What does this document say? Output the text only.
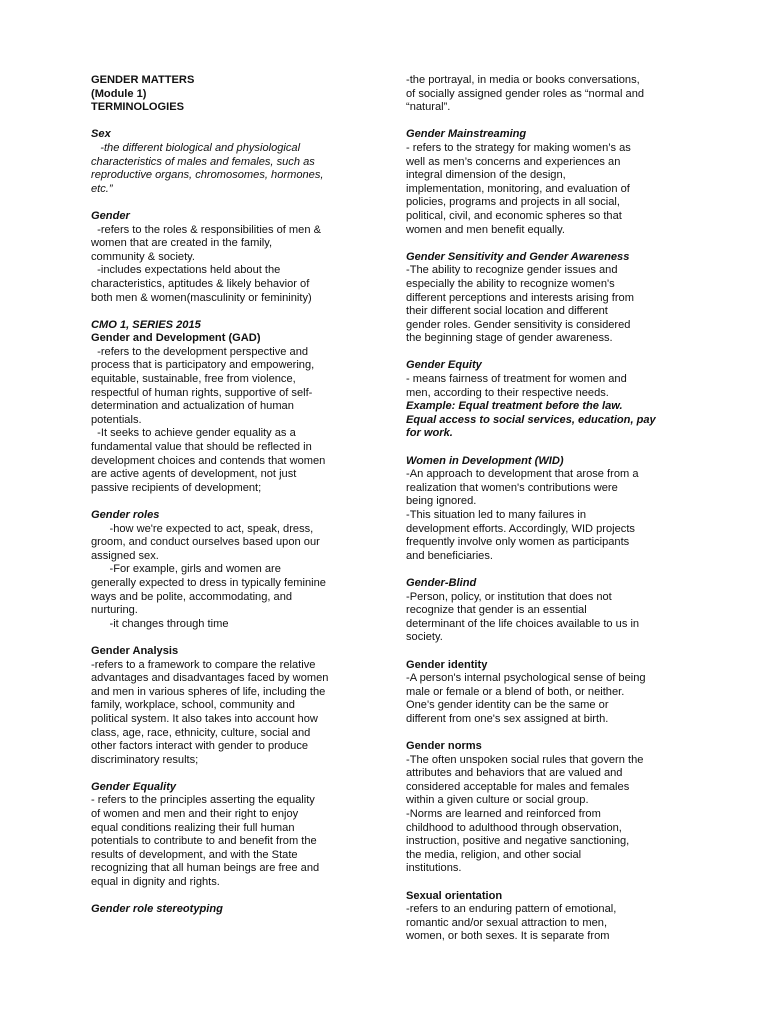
GENDER MATTERS
(Module 1)
TERMINOLOGIES
Sex
-the different biological and physiological
characteristics of males and females, such as
reproductive organs, chromosomes, hormones,
etc.”
Gender
-refers to the roles & responsibilities of men &
women that are created in the family,
community & society.
-includes expectations held about the
characteristics, aptitudes & likely behavior of
both men & women(masculinity or femininity)
CMO 1, SERIES 2015
Gender and Development (GAD)
-refers to the development perspective and
process that is participatory and empowering,
equitable, sustainable, free from violence,
respectful of human rights, supportive of self-
determination and actualization of human
potentials.
-It seeks to achieve gender equality as a
fundamental value that should be reflected in
development choices and contends that women
are active agents of development, not just
passive recipients of development;
Gender roles
-how we're expected to act, speak, dress,
groom, and conduct ourselves based upon our
assigned sex.
-For example, girls and women are
generally expected to dress in typically feminine
ways and be polite, accommodating, and
nurturing.
-it changes through time
Gender Analysis
-refers to a framework to compare the relative
advantages and disadvantages faced by women
and men in various spheres of life, including the
family, workplace, school, community and
political system. It also takes into account how
class, age, race, ethnicity, culture, social and
other factors interact with gender to produce
discriminatory results;
Gender Equality
- refers to the principles asserting the equality
of women and men and their right to enjoy
equal conditions realizing their full human
potentials to contribute to and benefit from the
results of development, and with the State
recognizing that all human beings are free and
equal in dignity and rights.
Gender role stereotyping
-the portrayal, in media or books conversations,
of socially assigned gender roles as “normal and
“natural”.
Gender Mainstreaming
- refers to the strategy for making women’s as
well as men’s concerns and experiences an
integral dimension of the design,
implementation, monitoring, and evaluation of
policies, programs and projects in all social,
political, civil, and economic spheres so that
women and men benefit equally.
Gender Sensitivity and Gender Awareness
-The ability to recognize gender issues and
especially the ability to recognize women's
different perceptions and interests arising from
their different social location and different
gender roles. Gender sensitivity is considered
the beginning stage of gender awareness.
Gender Equity
- means fairness of treatment for women and
men, according to their respective needs.
Example: Equal treatment before the law.
Equal access to social services, education, pay
for work.
Women in Development (WID)
-An approach to development that arose from a
realization that women's contributions were
being ignored.
-This situation led to many failures in
development efforts. Accordingly, WID projects
frequently involve only women as participants
and beneficiaries.
Gender-Blind
-Person, policy, or institution that does not
recognize that gender is an essential
determinant of the life choices available to us in
society.
Gender identity
-A person's internal psychological sense of being
male or female or a blend of both, or neither.
One's gender identity can be the same or
different from one's sex assigned at birth.
Gender norms
-The often unspoken social rules that govern the
attributes and behaviors that are valued and
considered acceptable for males and females
within a given culture or social group.
-Norms are learned and reinforced from
childhood to adulthood through observation,
instruction, positive and negative sanctioning,
the media, religion, and other social
institutions.
Sexual orientation
-refers to an enduring pattern of emotional,
romantic and/or sexual attraction to men,
women, or both sexes. It is separate from
